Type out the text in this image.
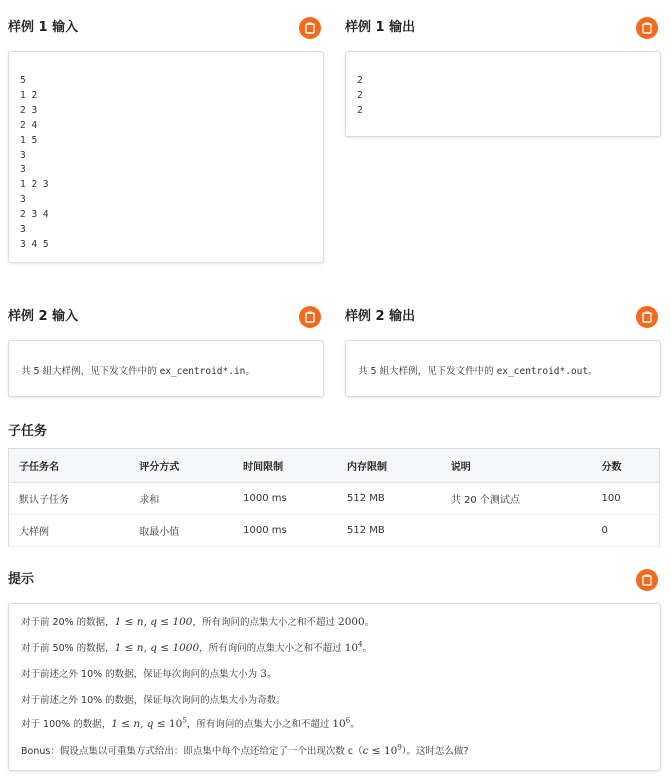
样例 1 输入	样例 1 输出
5
1 2
2 3
2 4
1 5
3
3
1 2 3
3
2 3 4
3
3 4 5
2
2
2
样例 2 输入	样例 2 输出
共 5 組大样例，见下发文件中的 ex_centroid*.in。	共 5 組大样例，见下发文件中的 ex_centroid*.out。
子任务
子任务名	评分方式	时间限制	内存限制	说明	分数
默认子任务	求和	1000 ms	512 MB	共 20 个测试点	100
大样例	取最小值	1000 ms	512 MB		0
提示
对于前 20% 的数据，1 ≤ n, q ≤ 100，所有询问的点集大小之和不超过 2000。
对于前 50% 的数据，1 ≤ n, q ≤ 1000，所有询问的点集大小之和不超过 $10^4$。
对于前述之外 10% 的数据，保证每次询问的点集大小为 3。
对于前述之外 10% 的数据，保证每次询问的点集大小为奇数。
对于 100% 的数据，1 ≤ n, $q \le 10^5$，所有询问的点集大小之和不超过 $10^6$。
Bonus：假设点集以可重集方式给出：即点集中每个点还给定了一个出现次数 $c(c \le 10^9)$。这时怎么做?
